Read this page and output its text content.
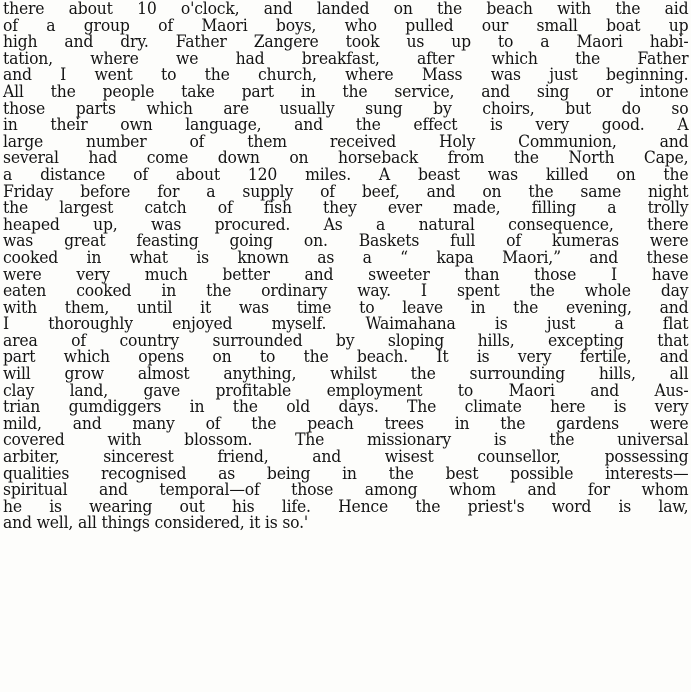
there about 10 o'clock, and landed on the beach with the aid
of a group of Maori boys, who pulled our small boat up
high and dry. Father Zangere took us up to a Maori habi-
tation, where we had breakfast, after which the Father
and I went to the church, where Mass was just beginning.
All the people take part in the service, and sing or intone
those parts which are usually sung by choirs, but do so
in their own language, and the effect is very good. A
large number of them received Holy Communion, and
several had come down on horseback from the North Cape,
a distance of about 120 miles. A beast was killed on the
Friday before for a supply of beef, and on the same night
the largest catch of fish they ever made, filling a trolly
heaped up, was procured. As a natural consequence, there
was great feasting going on. Baskets full of kumeras were
cooked in what is known as a “ kapa Maori,” and these
were very much better and sweeter than those I have
eaten cooked in the ordinary way. I spent the whole day
with them, until it was time to leave in the evening, and
I thoroughly enjoyed myself. Waimahana is just a flat
area of country surrounded by sloping hills, excepting that
part which opens on to the beach. It is very fertile, and
will grow almost anything, whilst the surrounding hills, all
clay land, gave profitable employment to Maori and Aus-
trian gumdiggers in the old days. The climate here is very
mild, and many of the peach trees in the gardens were
covered with blossom. The missionary is the universal
arbiter, sincerest friend, and wisest counsellor, possessing
qualities recognised as being in the best possible interests—
spiritual and temporal—of those among whom and for whom
he is wearing out his life. Hence the priest's word is law,
and well, all things considered, it is so.'
